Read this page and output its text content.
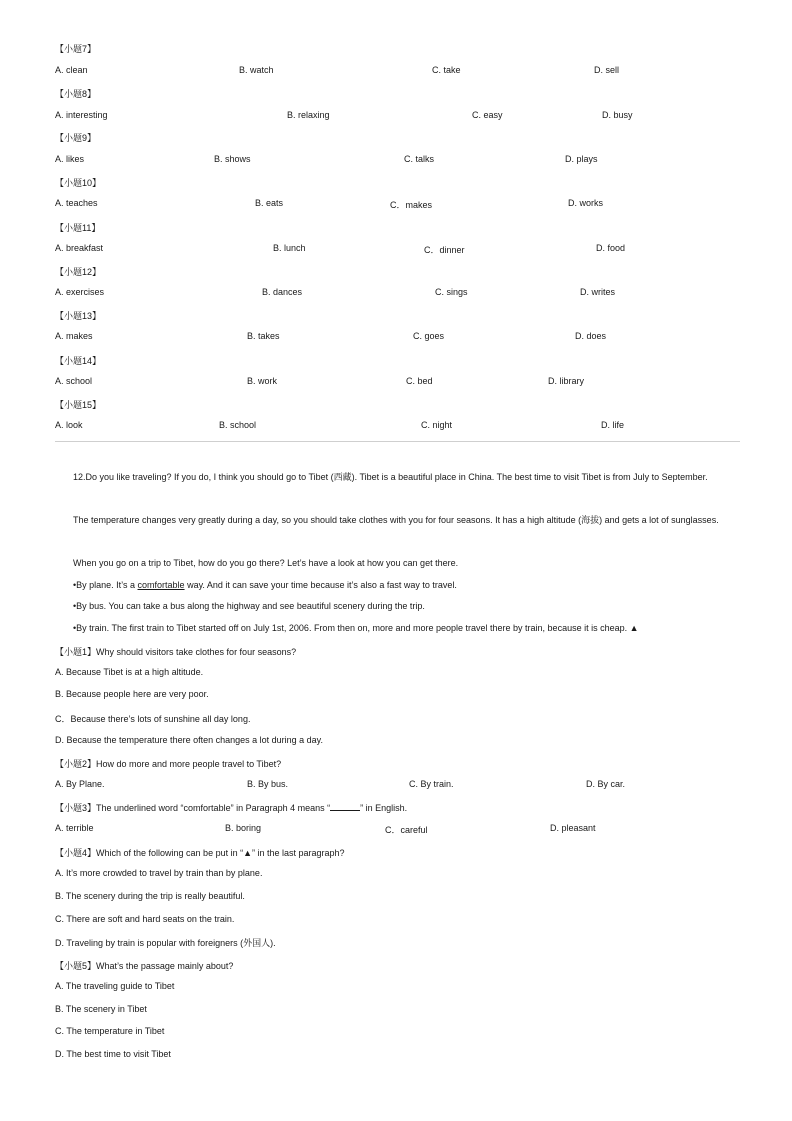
【小题7】
A. clean	B. watch	C. take	D. sell
【小题8】
A. interesting	B. relaxing	C. easy	D. busy
【小题9】
A. likes	B. shows	C. talks	D. plays
【小题10】
A. teaches	B. eats	C．makes	D. works
【小题11】
A. breakfast	B. lunch	C．dinner	D. food
【小题12】
A. exercises	B. dances	C. sings	D. writes
【小题13】
A. makes	B. takes	C. goes	D. does
【小题14】
A. school	B. work	C. bed	D. library
【小题15】
A. look	B. school	C. night	D. life
12.Do you like traveling? If you do, I think you should go to Tibet (西藏). Tibet is a beautiful place in China. The best time to visit Tibet is from July to September.
The temperature changes very greatly during a day, so you should take clothes with you for four seasons. It has a high altitude (海拔) and gets a lot of sunglasses.
When you go on a trip to Tibet, how do you go there? Let’s have a look at how you can get there.
•By plane. It’s a comfortable way. And it can save your time because it’s also a fast way to travel.
•By bus. You can take a bus along the highway and see beautiful scenery during the trip.
•By train. The first train to Tibet started off on July 1st, 2006. From then on, more and more people travel there by train, because it is cheap. ▲
【小题1】Why should visitors take clothes for four seasons?
A. Because Tibet is at a high altitude.
B. Because people here are very poor.
C．Because there’s lots of sunshine all day long.
D. Because the temperature there often changes a lot during a day.
【小题2】How do more and more people travel to Tibet?
A. By Plane.	B. By bus.	C. By train.	D. By car.
【小题3】The underlined word “comfortable” in Paragraph 4 means “	” in English.
A. terrible	B. boring	C．careful	D. pleasant
【小题4】Which of the following can be put in “▲” in the last paragraph?
A. It’s more crowded to travel by train than by plane.
B. The scenery during the trip is really beautiful.
C. There are soft and hard seats on the train.
D. Traveling by train is popular with foreigners (外国人).
【小题5】What’s the passage mainly about?
A. The traveling guide to Tibet
B. The scenery in Tibet
C. The temperature in Tibet
D. The best time to visit Tibet
